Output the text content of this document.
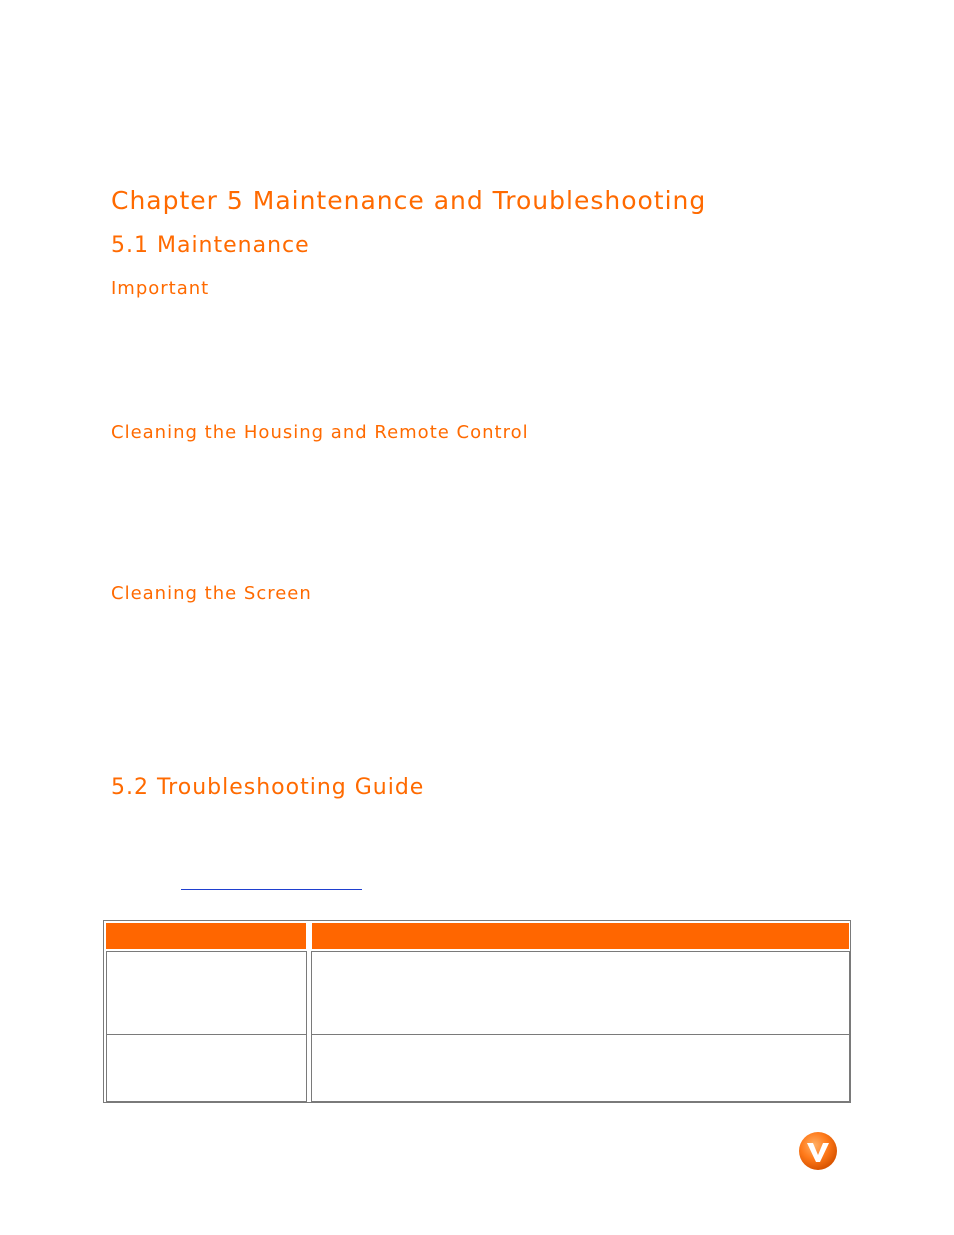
Chapter 5 Maintenance and Troubleshooting
5.1 Maintenance
Important
Cleaning the Housing and Remote Control
Cleaning the Screen
5.2 Troubleshooting Guide
